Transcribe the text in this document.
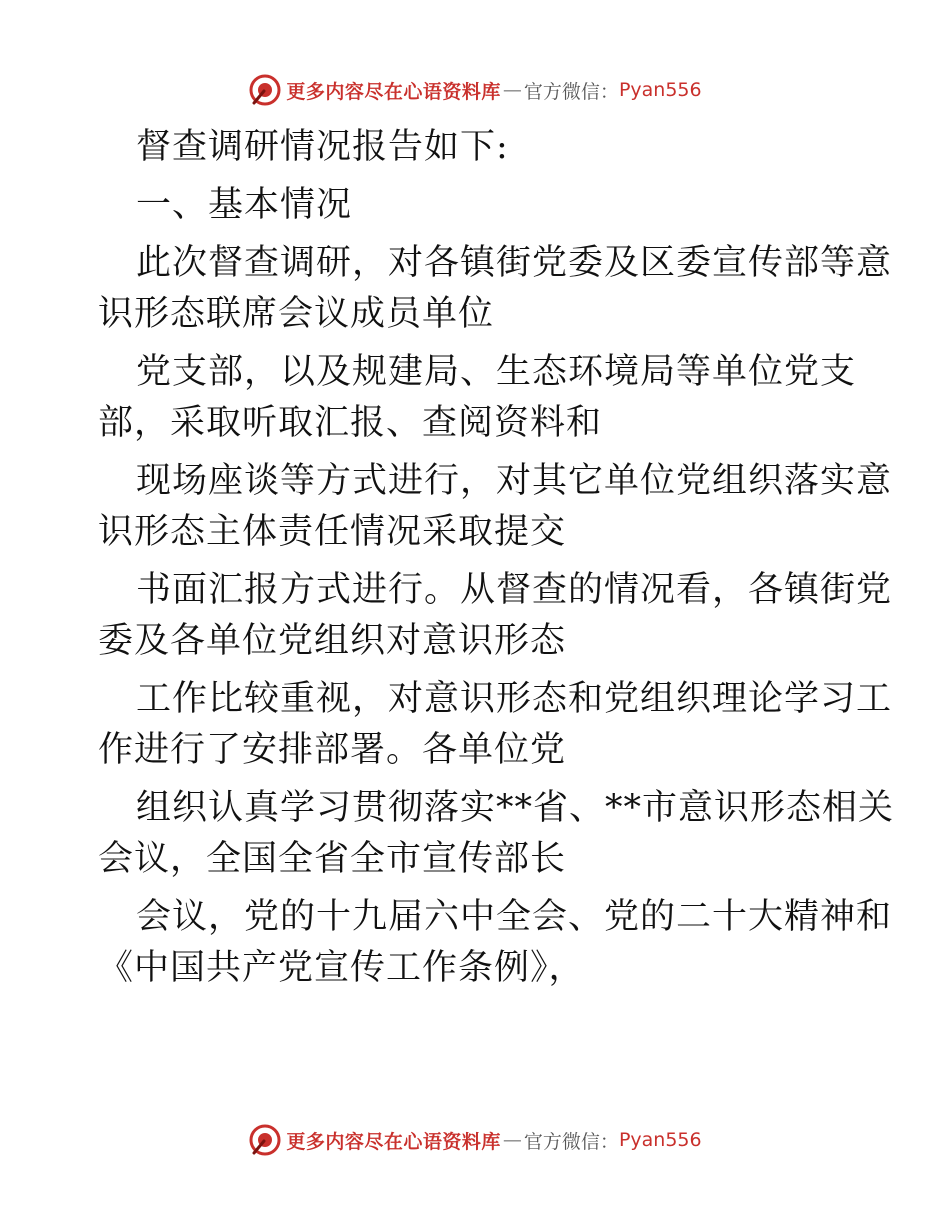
更多内容尽在心语资料库 — 官方微信： Pyan556
督查调研情况报告如下:
一、基本情况
此次督查调研，对各镇街党委及区委宣传部等意
识形态联席会议成员单位
党支部，以及规建局、生态环境局等单位党支
部，采取听取汇报、查阅资料和
现场座谈等方式进行，对其它单位党组织落实意
识形态主体责任情况采取提交
书面汇报方式进行。从督查的情况看，各镇街党
委及各单位党组织对意识形态
工作比较重视，对意识形态和党组织理论学习工
作进行了安排部署。各单位党
组织认真学习贯彻落实**省、**市意识形态相关
会议，全国全省全市宣传部长
会议，党的十九届六中全会、党的二十大精神和
《中国共产党宣传工作条例》，
更多内容尽在心语资料库 — 官方微信： Pyan556
